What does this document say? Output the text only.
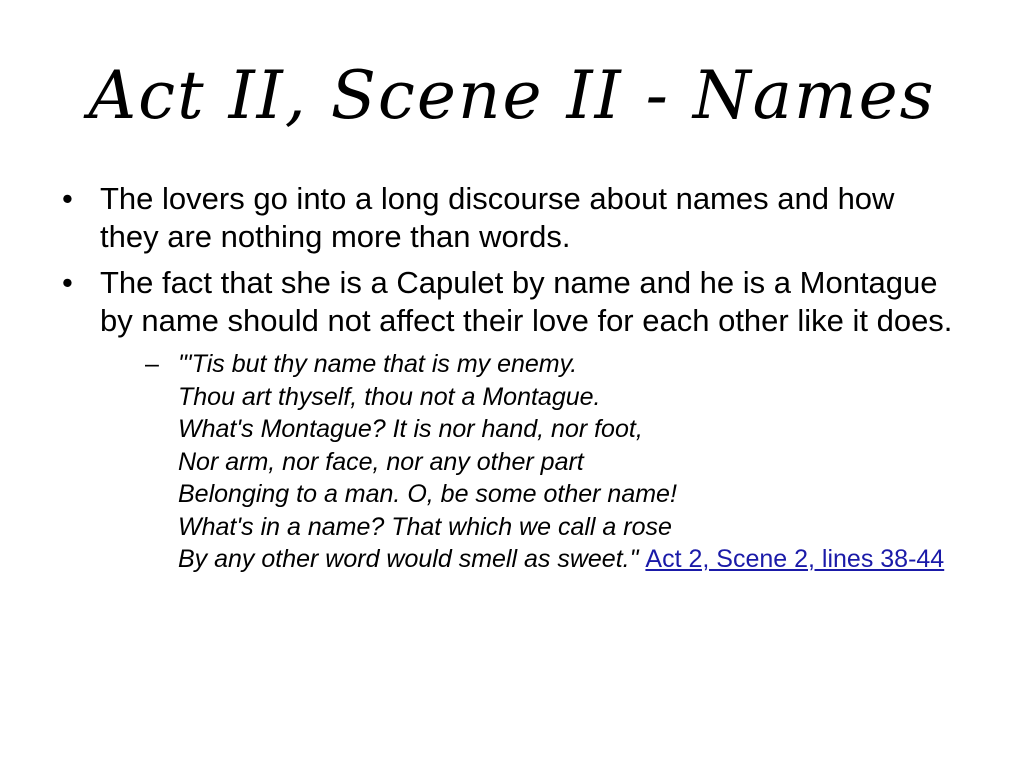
Act II, Scene II - Names
• The lovers go into a long discourse about names and how they are nothing more than words.
• The fact that she is a Capulet by name and he is a Montague by name should not affect their love for each other like it does.
– "'Tis but thy name that is my enemy.
Thou art thyself, thou not a Montague.
What's Montague? It is nor hand, nor foot,
Nor arm, nor face, nor any other part
Belonging to a man. O, be some other name!
What's in a name? That which we call a rose
By any other word would smell as sweet." Act 2, Scene 2, lines 38-44
